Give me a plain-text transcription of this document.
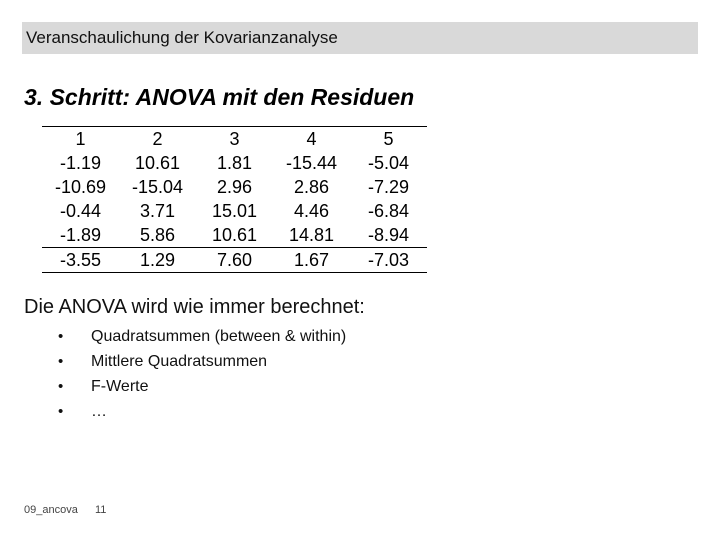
Veranschaulichung der Kovarianzanalyse
3. Schritt: ANOVA mit den Residuen
1	2	3	4	5
-1.19	10.61	1.81	-15.44	-5.04
-10.69	-15.04	2.96	2.86	-7.29
-0.44	3.71	15.01	4.46	-6.84
-1.89	5.86	10.61	14.81	-8.94
-3.55	1.29	7.60	1.67	-7.03
Die ANOVA wird wie immer berechnet:
• Quadratsummen (between & within)
• Mittlere Quadratsummen
• F-Werte
• …
09_ancova 11
